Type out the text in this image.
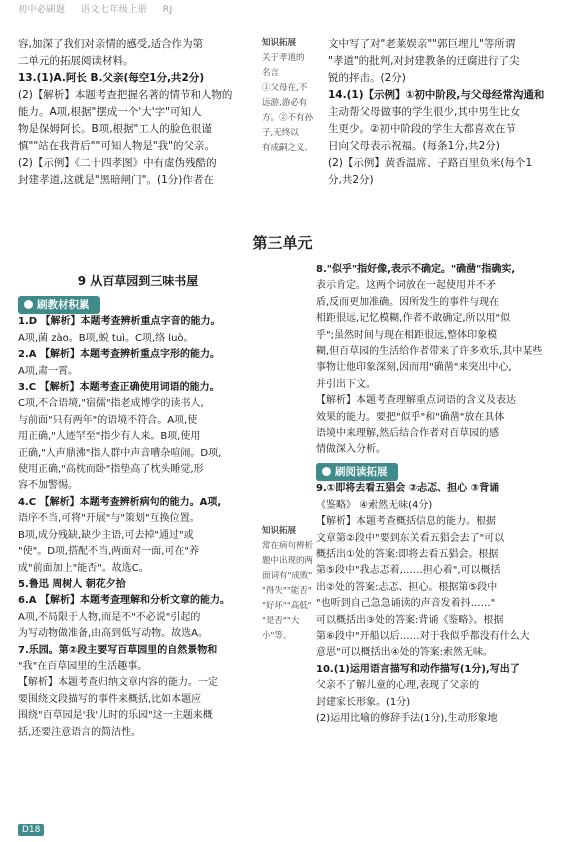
初中必刷题 语文七年级上册 RJ

容,加深了我们对亲情的感受,适合作为第

二单元的拓展阅读材料。

13.(1)A.阿长 B.父亲(每空1分,共2分)

(2)【解析】本题考查把握名著的情节和人物的

能力。A项,根据"摆成一个'大'字"可知人

物是保姆阿长。B项,根据"工人的脸色很谨

慎""站在我背后""可知人物是"我"的父亲。

(2)【示例】《二十四孝图》中有虚伪残酷的

封建孝道,这就是"黑暗闸门"。(1分)作者在

知识拓展

关于孝道的

名言

①父母在,不

远游,游必有

方。②不有孙

子,无终以

有成嗣之义。

文中写了对"老莱娱亲""郭巨埋儿"等所谓

"孝道"的批判,对封建教条的迂腐进行了尖

锐的抨击。(2分)

14.(1)【示例】①初中阶段,与父母经常沟通和

主动帮父母做事的学生很少,其中男生比女

生更少。②初中阶段的学生大都喜欢在节

日向父母表示祝福。(每条1分,共2分)

(2)【示例】黄香温席、子路百里负米(每个1

分,共2分)

第三单元
9 从百草园到三味书屋
刷教材积累

1.D 【解析】本题考查辨析重点字音的能力。

A项,菌 zào。B项,蜕 tuì。C项,络 luò。

2.A 【解析】本题考查辨析重点字形的能力。

A项,肃一霄。

3.C 【解析】本题考查正确使用词语的能力。

C项,不合语境,"宿儒"指老成博学的读书人,

与前面"只有两年"的语境不符合。A项,使

用正确,"人迹罕至"指少有人来。B项,使用

正确,"人声鼎沸"指人群中声音嘈杂喧闹。D项,

使用正确,"高枕而卧"指垫高了枕头睡觉,形

容不加警惕。

4.C 【解析】本题考查辨析病句的能力。A项,

语序不当,可将"开展"与"策划"互换位置。

B项,成分残缺,缺少主语,可去掉"通过"或

"使"。D项,搭配不当,两面对一面,可在"养

成"前面加上"能否"。故选C。

5.鲁迅 周树人 朝花夕拾

6.A 【解析】本题考查理解和分析文章的能力。

A项,不局限于人物,而是不"不必说"引起的

为写动物做准备,由高到低写动物。故选A。

7.乐园。第②段主要写百草园里的自然景物和

"我"在百草园里的生活趣事。

【解析】本题考查归纳文章内容的能力。一定

要围绕文段描写的事件来概括,比如本题应

围绕"百草园是'我'儿时的乐园"这一主题来概

括,还要注意语言的简洁性。

知识拓展

常在病句辨析

题中出现的两

面词有"成败"

"得失""能否"

"好坏""高低"

"是否""大

小"等。

8."似乎"指好像,表示不确定。"确凿"指确实,

表示肯定。这两个词放在一起使用并不矛

盾,反而更加准确。因所发生的事件与现在

相距很远,记忆模糊,作者不敢确定,所以用"似

乎";虽然时间与现在相距很远,整体印象模

糊,但百草园的生活给作者带来了许多欢乐,其中某些

事物让他印象深刻,因而用"确凿"来突出中心,

并引出下文。

【解析】本题考查理解重点词语的含义及表达

效果的能力。要把"似乎"和"确凿"放在具体

语境中来理解,然后结合作者对百草园的感

情做深入分析。

刷阅读拓展

9.①即将去看五猖会 ②忐忑、担心 ③背诵

《鉴略》 ④索然无味(4分)

【解析】本题考查概括信息的能力。根据

文章第②段中"要到东关看五猖会去了"可以

概括出①处的答案:即将去看五猖会。根据

第⑤段中"我忐忑着,……担心着",可以概括

出②处的答案:忐忑、担心。根据第⑤段中

"也听到自己急急诵读的声音发着抖……"

可以概括出③处的答案:背诵《鉴略》。根据

第⑥段中"开船以后……对于我似乎都没有什么大

意思"可以概括出④处的答案:索然无味。

10.(1)运用语言描写和动作描写(1分),写出了

父亲不了解儿童的心理,表现了父亲的

封建家长形象。(1分)

(2)运用比喻的修辞手法(1分),生动形象地

D18
